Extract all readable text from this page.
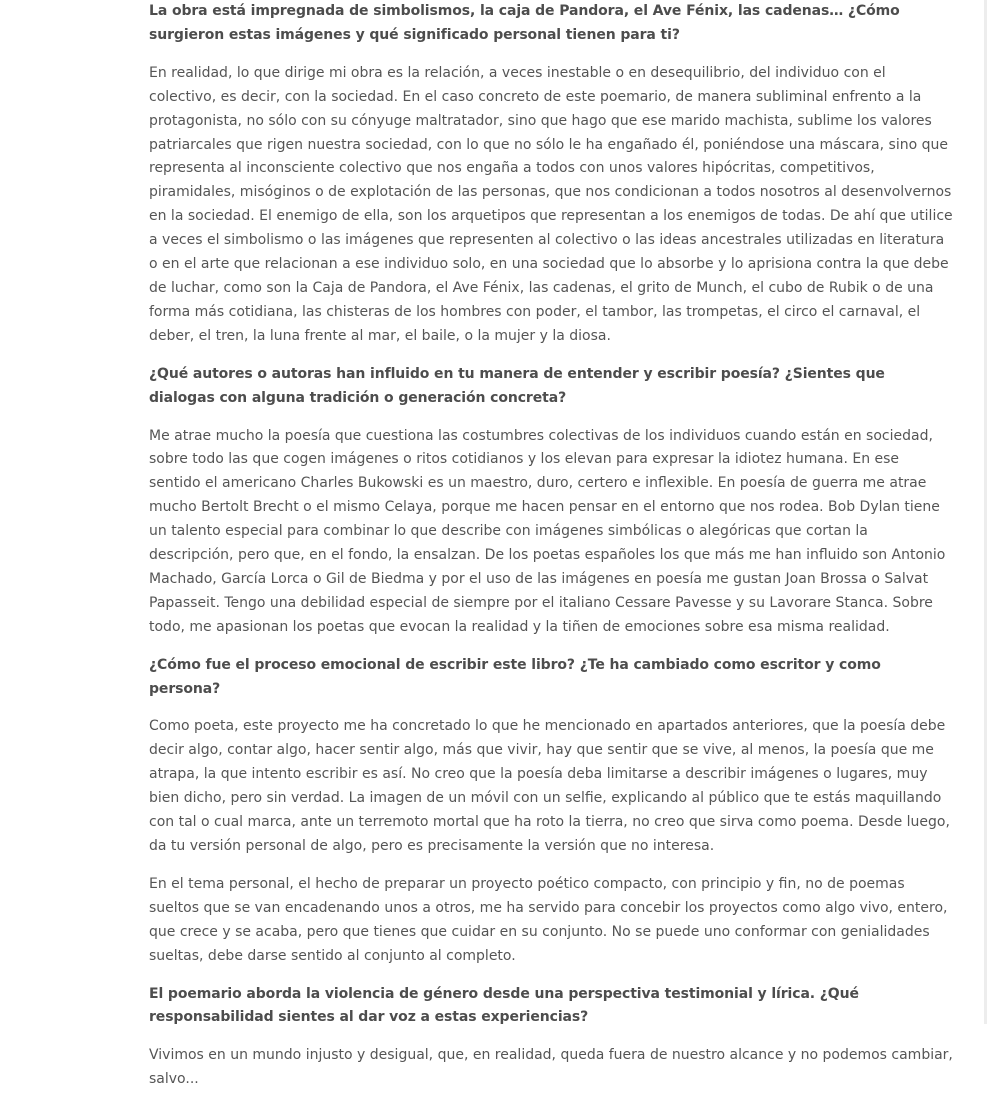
La obra está impregnada de simbolismos, la caja de Pandora, el Ave Fénix, las cadenas… ¿Cómo surgieron estas imágenes y qué significado personal tienen para ti?

En realidad, lo que dirige mi obra es la relación, a veces inestable o en desequilibrio, del individuo con el colectivo, es decir, con la sociedad. En el caso concreto de este poemario, de manera subliminal enfrento a la protagonista, no sólo con su cónyuge maltratador, sino que hago que ese marido machista, sublime los valores patriarcales que rigen nuestra sociedad, con lo que no sólo le ha engañado él, poniéndose una máscara, sino que representa al inconsciente colectivo que nos engaña a todos con unos valores hipócritas, competitivos, piramidales, misóginos o de explotación de las personas, que nos condicionan a todos nosotros al desenvolvernos en la sociedad. El enemigo de ella, son los arquetipos que representan a los enemigos de todas. De ahí que utilice a veces el simbolismo o las imágenes que representen al colectivo o las ideas ancestrales utilizadas en literatura o en el arte que relacionan a ese individuo solo, en una sociedad que lo absorbe y lo aprisiona contra la que debe de luchar, como son la Caja de Pandora, el Ave Fénix, las cadenas, el grito de Munch, el cubo de Rubik o de una forma más cotidiana, las chisteras de los hombres con poder, el tambor, las trompetas, el circo el carnaval, el deber, el tren, la luna frente al mar, el baile, o la mujer y la diosa.

¿Qué autores o autoras han influido en tu manera de entender y escribir poesía? ¿Sientes que dialogas con alguna tradición o generación concreta?

Me atrae mucho la poesía que cuestiona las costumbres colectivas de los individuos cuando están en sociedad, sobre todo las que cogen imágenes o ritos cotidianos y los elevan para expresar la idiotez humana. En ese sentido el americano Charles Bukowski es un maestro, duro, certero e inflexible. En poesía de guerra me atrae mucho Bertolt Brecht o el mismo Celaya, porque me hacen pensar en el entorno que nos rodea. Bob Dylan tiene un talento especial para combinar lo que describe con imágenes simbólicas o alegóricas que cortan la descripción, pero que, en el fondo, la ensalzan. De los poetas españoles los que más me han influido son Antonio Machado, García Lorca o Gil de Biedma y por el uso de las imágenes en poesía me gustan Joan Brossa o Salvat Papasseit. Tengo una debilidad especial de siempre por el italiano Cessare Pavesse y su Lavorare Stanca. Sobre todo, me apasionan los poetas que evocan la realidad y la tiñen de emociones sobre esa misma realidad.

¿Cómo fue el proceso emocional de escribir este libro? ¿Te ha cambiado como escritor y como persona?

Como poeta, este proyecto me ha concretado lo que he mencionado en apartados anteriores, que la poesía debe decir algo, contar algo, hacer sentir algo, más que vivir, hay que sentir que se vive, al menos, la poesía que me atrapa, la que intento escribir es así. No creo que la poesía deba limitarse a describir imágenes o lugares, muy bien dicho, pero sin verdad. La imagen de un móvil con un selfie, explicando al público que te estás maquillando con tal o cual marca, ante un terremoto mortal que ha roto la tierra, no creo que sirva como poema. Desde luego, da tu versión personal de algo, pero es precisamente la versión que no interesa.

En el tema personal, el hecho de preparar un proyecto poético compacto, con principio y fin, no de poemas sueltos que se van encadenando unos a otros, me ha servido para concebir los proyectos como algo vivo, entero, que crece y se acaba, pero que tienes que cuidar en su conjunto. No se puede uno conformar con genialidades sueltas, debe darse sentido al conjunto al completo.

El poemario aborda la violencia de género desde una perspectiva testimonial y lírica. ¿Qué responsabilidad sientes al dar voz a estas experiencias?

Vivimos en un mundo injusto y desigual, que, en realidad, queda fuera de nuestro alcance y no podemos cambiar, salvo...
